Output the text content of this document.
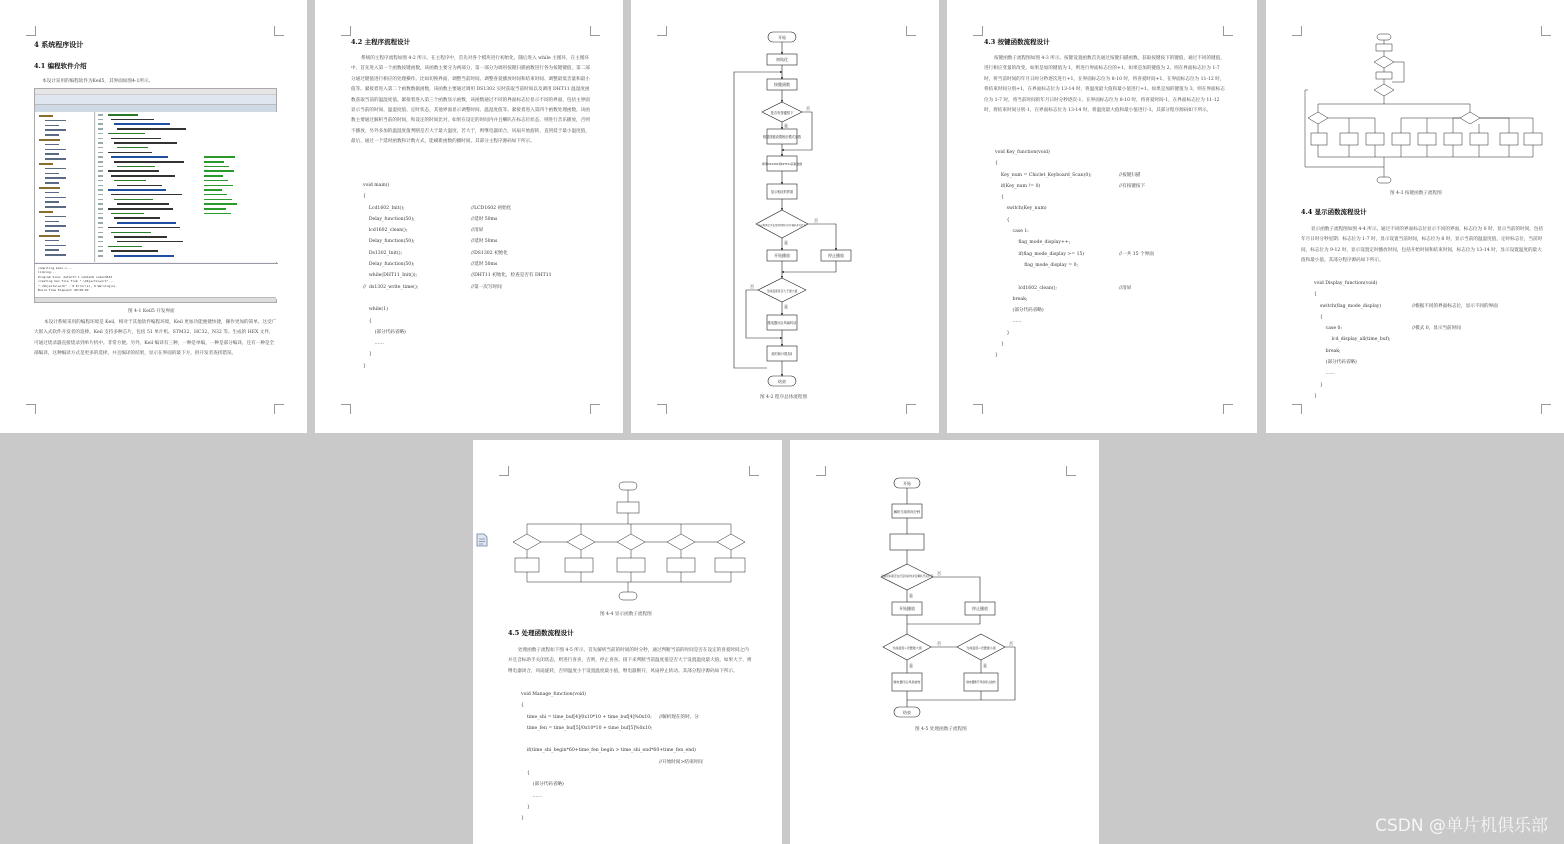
4 系统程序设计
4.1 编程软件介绍
本设计采用的编程软件为Keil5，其界面如图4-1所示。
compiling main.c...
linking...
Program Size: data=77.1 xdata=0 code=4532
creating hex file from ".\Objects\work"...
".\Objects\work" - 0 Error(s), 0 Warning(s).
Build Time Elapsed: 00:00:02
图 4-1 Keil5 开发界面
本设计系统采用的编程环境是 Keil，相对于其他软件编程环境，Keil 更加功能便捷快捷，操作更加的简单。这受广大嵌入式软件开发者的追捧。Keil 支持多种芯片，包括 51 单片机、STM32、HC32、N32 等。生成的 HEX 文件，可通过烧录器直接烧录到单片机中。非常方便。另外，Keil 编译有三种，一种是单编，一种是部分编译，还有一种是全部编译，这种编译方式是更多的选择，并且编译的结果，显示在界面的最下方，供开发者查找错误。
4.2 主程序流程设计
系统的主程序流程如图 4-2 所示。在主程序中，首先对各个模块进行初始化，随后进入 while 主循环，在主循环中，首先进入第一个函数按键函数，该函数主要分为两部分，第一部分为调用按键扫描函数进行各为按键键值，第二部分通过键值进行相应的处理操作。比如切换界面、调整当前时间、调整喜爱播放时间和结束时间、调整最低音量和最小值等。紧接着进入第二个函数数据函数，该函数主要通过调用 DS1302 实时获取当前时间以及调用 DHT11 温湿度函数获取当前的温湿度值。紧接着进入第三个函数显示函数，该函数通过不同的界面标志位显示不同的界面，包括主界面显示当前的时间、温湿度值、定时状态，其他界面显示调整时间、温湿度值等。紧接着进入第四个函数处理函数，该函数主要通过解析当前的时间，和设定的时间比对，如果在设定的时间内并且喇叭在标志位状态，则进行音乐播放，否则不播放，另外多加的温湿度值判断是否大于最大温度，若大于，则继电器闭合，风扇开始旋转，直到低于最小温度值，最后，通过一个延时函数和计数方式，能刷新函数的播时间。其部分主程序源码如下所示。
void main()
{
Lcd1602_Init();	//LCD1602 初始化
Delay_function(50);	//延时 50ms
lcd1602_clean();	//清屏
Delay_function(50);	//延时 50ms
Ds1302_Init();	//DS1302 初始化
Delay_function(50);	//延时 50ms
while(DHT11_Init());	//DHT11 初始化，检查是否有 DHT11
//  ds1302_write_time();	//第一次写时间
while(1)
{
(部分代码省略)
……
}
}
开始
初始化
按键函数
是否有按键按下
根据按键设置相应模式参数
调用DS1302和DHT11获取数据
显示相应的界面
当前时间是否在设定时间内并且喇叭开关打开
开始播放	停止播放
当前温度是否大于最大值
继电器闭合风扇转动
延时和计数加1
结束
否
是
否
是
否
是
图 4-2 程序总体流程图
4.3 按键函数流程设计
按键函数子流程图如图 4-3 所示。按键设置函数首先通过按键扫描函数，获取按键按下的键值，通过不同的键值，进行相应变量的改变。如果是加的键值为 1，则进行界面标志位的+1，如果是加的键值为 2，则在界面标志位为 1-7 时，将当前时间的年月日时分秒逐次进行+1，在界面标志位为 8-10 时，将喜爱时间+1，在界面标志位为 11-12 时，将结束时间分别+1，在界面标志位为 13-14 时，将温度最大值和最小值进行+1。如果是加的键值为 3，则在界面标志位为 1-7 时，将当前时间的年月日时分秒逐次-1，在界面标志位为 8-10 时，将喜爱时间-1，在界面标志位为 11-12 时，将结束时间分别-1，在界面标志位为 13-14 时，将温度最大值和最小值进行-1。其部分程序源码如下所示。
void Key_function(void)
{
Key_num = Chiclet_Keyboard_Scan(0);	//按键扫描
if(Key_num != 0)	//有按键按下
{
switch(Key_num)
{
case 1:
flag_mode_display++;
if(flag_mode_display >= 15)	//一共 15 个界面
flag_mode_display = 0;
lcd1602_clean();	//清屏
break;
(部分代码省略)
……
}
}
}
图 4-3 按键函数子流程图
4.4 显示函数流程设计
显示函数子流程图如图 4-4 所示。通过不同的界面标志位显示不同的界面，标志位为 0 时，显示当前的时间，包括年月日时分秒星期；标志位为 1-7 时，显示设置当前时间，标志位为 8 时，显示当前的温湿度值，定时标志位，当前时间，标志位为 9-12 时，显示设置定时播放时间，包括开始时间和结束时间，标志位为 13-14 时，显示设置温度的最大值和最小值。其部分程序源码如下所示。
void Display_function(void)
{
switch(flag_mode_display)	//根据不同的界面标志位，显示不同的界面
{
case 0:	//模式 0，显示当前时间
lcd_display_all(time_buf);
break;
(部分代码省略)
……
}
}
图 4-4 显示函数子流程图
4.5 处理函数流程设计
处理函数子流程如下图 4-5 所示，首先解析当前的时间的时分秒，通过判断当前的时间是否在设定的喜爱时间之内并且音标助手关闭状态，则进行喜喜，否则，停止喜喜。接下来判断当前温度值是否大于设置温度最大值，如果大于，则继电器闭合，风扇旋转，否则温度小于设置温度最小值，继电器断开，风扇停止转动。其部分程序源码如下所示。
void Manage_function(void)
{
time_shi = time_buf[4]/0x10*10 + time_buf[4]%0x10; //解析现在的时、分
time_fen = time_buf[5]/0x10*10 + time_buf[5]%0x10;
if(time_shi_begin*60+time_fen_begin > time_shi_end*60+time_fen_end)
//开始时间>结束时间
{
(部分代码省略)
……
}
}
开始
解析当前时间分秒
当前时间是否在设定时间内并且喇叭开关打开
开始播放	停止播放
当前温度>设置最大值	当前温度<设置最小值
继电器闭合风扇旋转	继电器断开风扇停止旋转
结束
否
是
否
是
否
是
图 4-5 处理函数子流程图
CSDN @单片机俱乐部
